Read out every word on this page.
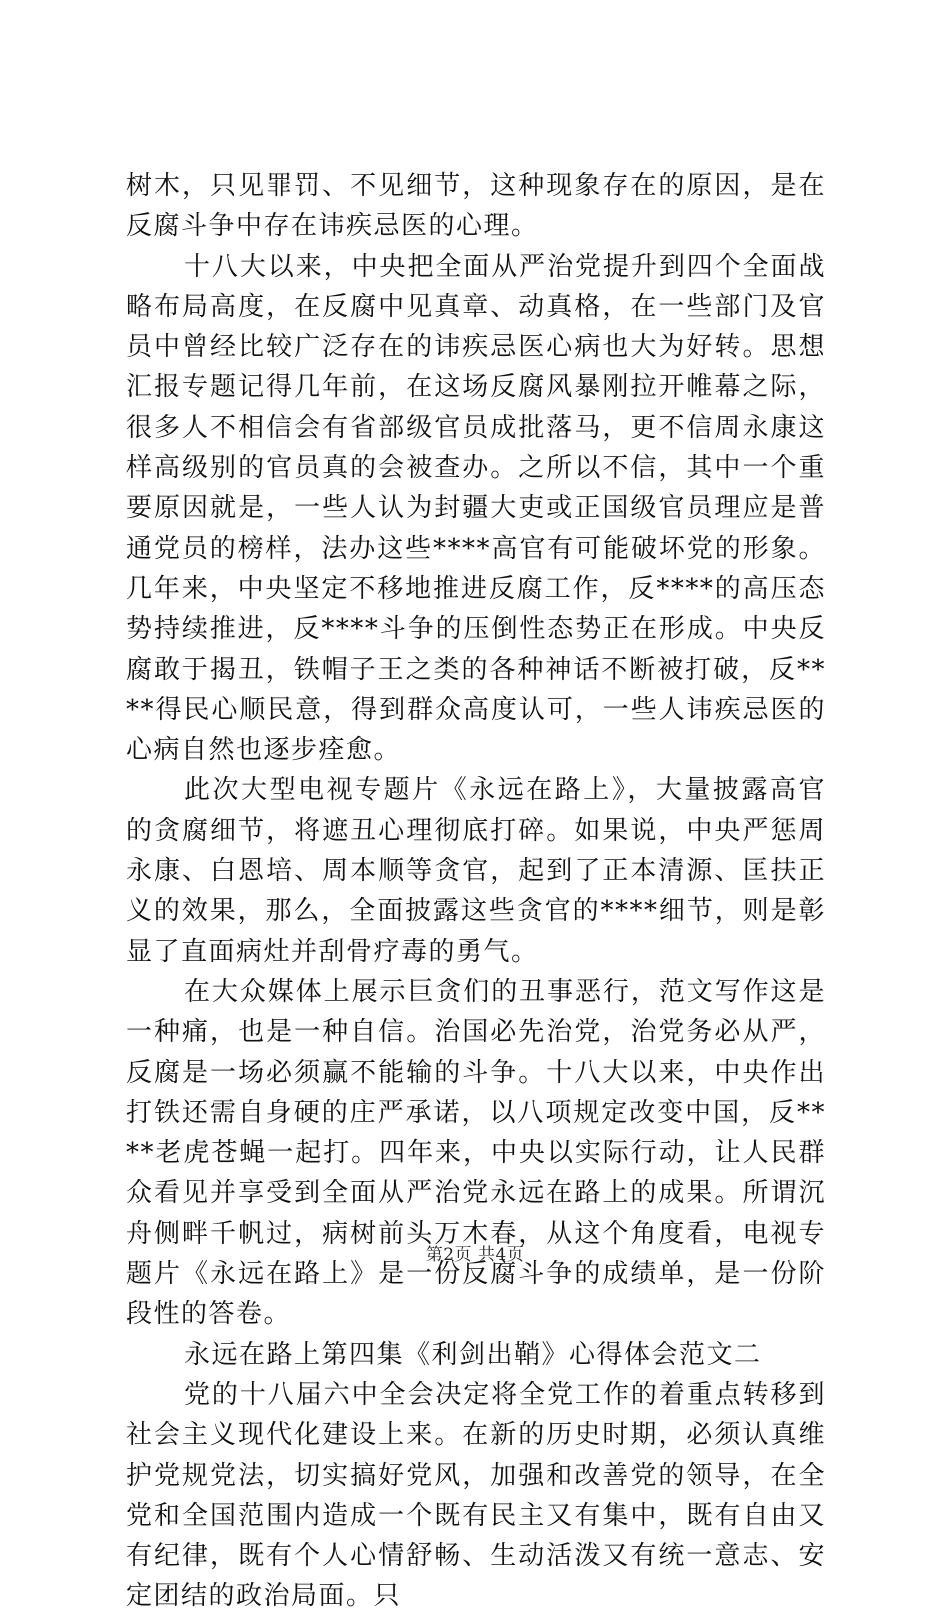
树木，只见罪罚、不见细节，这种现象存在的原因，是在反腐斗争中存在讳疾忌医的心理。

十八大以来，中央把全面从严治党提升到四个全面战略布局高度，在反腐中见真章、动真格，在一些部门及官员中曾经比较广泛存在的讳疾忌医心病也大为好转。思想汇报专题记得几年前，在这场反腐风暴刚拉开帷幕之际，很多人不相信会有省部级官员成批落马，更不信周永康这样高级别的官员真的会被查办。之所以不信，其中一个重要原因就是，一些人认为封疆大吏或正国级官员理应是普通党员的榜样，法办这些****高官有可能破坏党的形象。几年来，中央坚定不移地推进反腐工作，反****的高压态势持续推进，反****斗争的压倒性态势正在形成。中央反腐敢于揭丑，铁帽子王之类的各种神话不断被打破，反****得民心顺民意，得到群众高度认可，一些人讳疾忌医的心病自然也逐步痊愈。

此次大型电视专题片《永远在路上》，大量披露高官的贪腐细节，将遮丑心理彻底打碎。如果说，中央严惩周永康、白恩培、周本顺等贪官，起到了正本清源、匡扶正义的效果，那么，全面披露这些贪官的****细节，则是彰显了直面病灶并刮骨疗毒的勇气。

在大众媒体上展示巨贪们的丑事恶行，范文写作这是一种痛，也是一种自信。治国必先治党，治党务必从严，反腐是一场必须赢不能输的斗争。十八大以来，中央作出打铁还需自身硬的庄严承诺，以八项规定改变中国，反****老虎苍蝇一起打。四年来，中央以实际行动，让人民群众看见并享受到全面从严治党永远在路上的成果。所谓沉舟侧畔千帆过，病树前头万木春，从这个角度看，电视专题片《永远在路上》是一份反腐斗争的成绩单，是一份阶段性的答卷。

永远在路上第四集《利剑出鞘》心得体会范文二

党的十八届六中全会决定将全党工作的着重点转移到社会主义现代化建设上来。在新的历史时期，必须认真维护党规党法，切实搞好党风，加强和改善党的领导，在全党和全国范围内造成一个既有民主又有集中，既有自由又有纪律，既有个人心情舒畅、生动活泼又有统一意志、安定团结的政治局面。只

第2页 共4页
